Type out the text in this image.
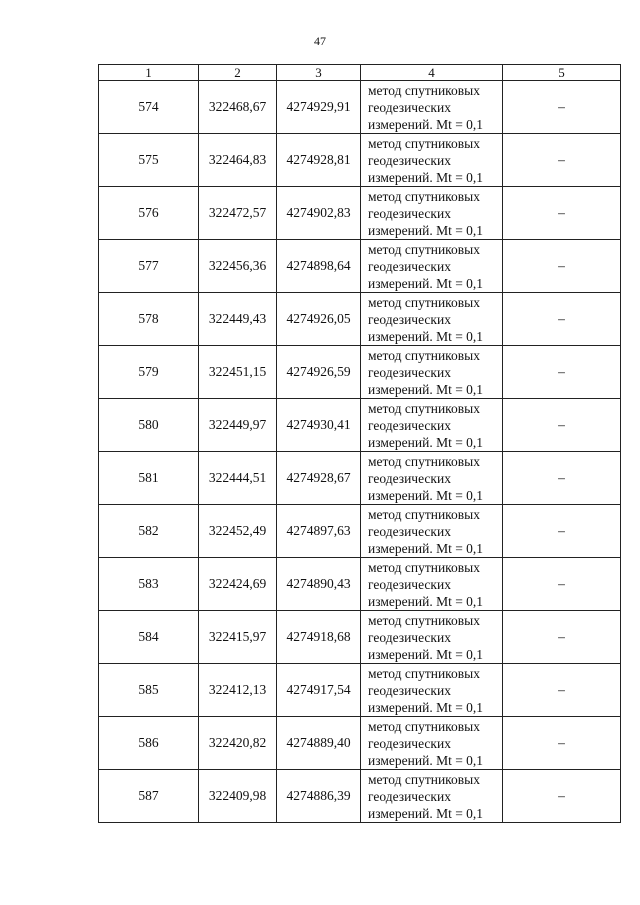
47
1	2	3	4	5
574	322468,67	4274929,91	метод спутниковых
геодезических
измерений. Mt = 0,1	–
575	322464,83	4274928,81	метод спутниковых
геодезических
измерений. Mt = 0,1	–
576	322472,57	4274902,83	метод спутниковых
геодезических
измерений. Mt = 0,1	–
577	322456,36	4274898,64	метод спутниковых
геодезических
измерений. Mt = 0,1	–
578	322449,43	4274926,05	метод спутниковых
геодезических
измерений. Mt = 0,1	–
579	322451,15	4274926,59	метод спутниковых
геодезических
измерений. Mt = 0,1	–
580	322449,97	4274930,41	метод спутниковых
геодезических
измерений. Mt = 0,1	–
581	322444,51	4274928,67	метод спутниковых
геодезических
измерений. Mt = 0,1	–
582	322452,49	4274897,63	метод спутниковых
геодезических
измерений. Mt = 0,1	–
583	322424,69	4274890,43	метод спутниковых
геодезических
измерений. Mt = 0,1	–
584	322415,97	4274918,68	метод спутниковых
геодезических
измерений. Mt = 0,1	–
585	322412,13	4274917,54	метод спутниковых
геодезических
измерений. Mt = 0,1	–
586	322420,82	4274889,40	метод спутниковых
геодезических
измерений. Mt = 0,1	–
587	322409,98	4274886,39	метод спутниковых
геодезических
измерений. Mt = 0,1	–
